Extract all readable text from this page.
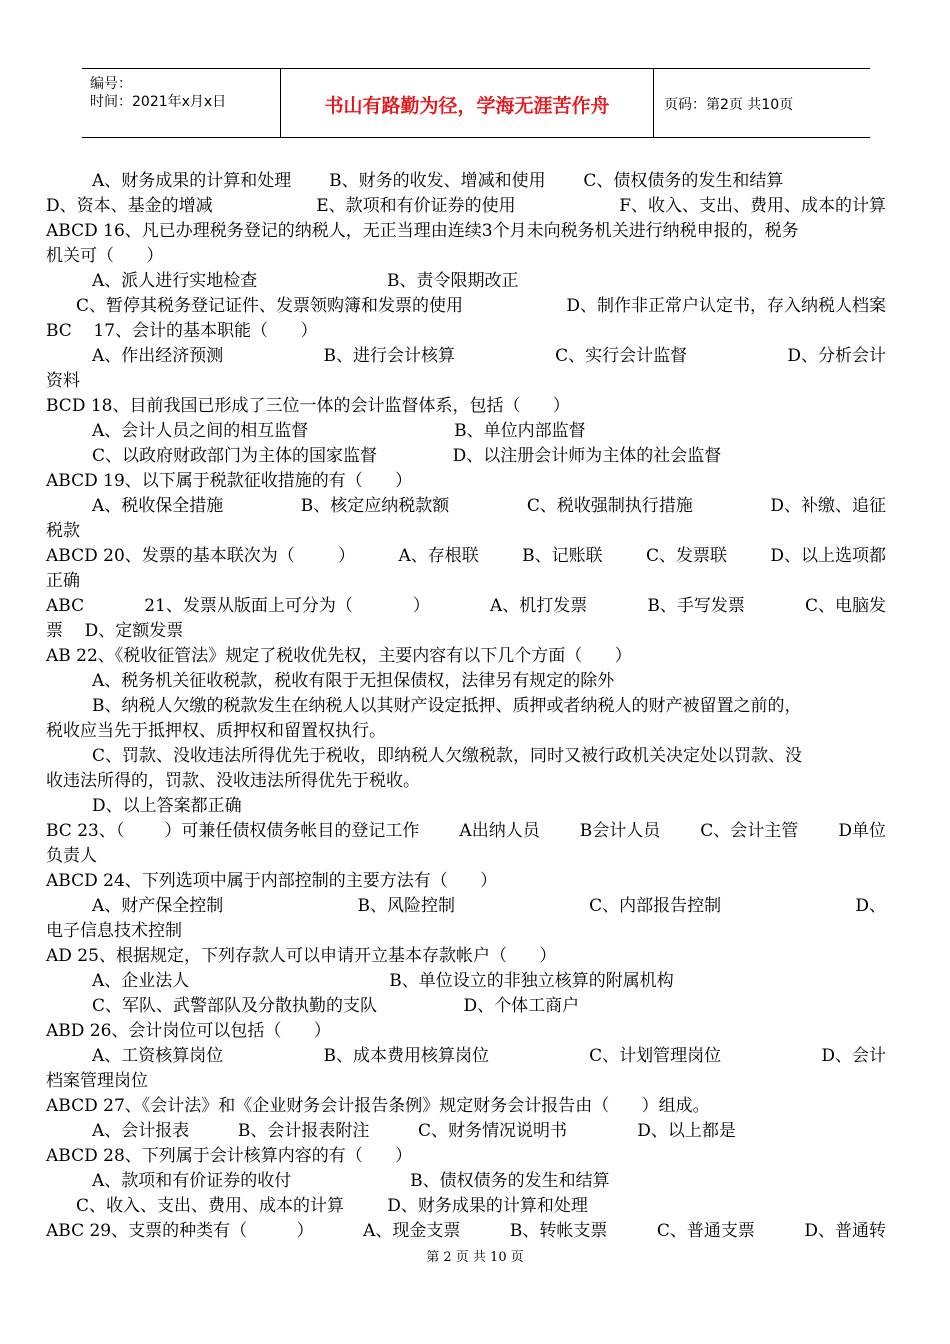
编号：
时间：2021年x月x日	书山有路勤为径，学海无涯苦作舟	页码：第2页 共10页
A、财务成果的计算和处理       B、财务的收发、增减和使用       C、债权债务的发生和结算
D、资本、基金的增减	E、款项和有价证券的使用	F、收入、支出、费用、成本的计算
ABCD 16、凡已办理税务登记的纳税人，无正当理由连续3个月未向税务机关进行纳税申报的，税务
机关可（      ）
A、派人进行实地检查                        B、责令限期改正
C、暂停其税务登记证件、发票领购簿和发票的使用	D、制作非正常户认定书，存入纳税人档案
BC    17、会计的基本职能（      ）
A、作出经济预测	B、进行会计核算	C、实行会计监督	D、分析会计
资料
BCD 18、目前我国已形成了三位一体的会计监督体系，包括（      ）
A、会计人员之间的相互监督                           B、单位内部监督
C、以政府财政部门为主体的国家监督              D、以注册会计师为主体的社会监督
ABCD 19、以下属于税款征收措施的有（      ）
A、税收保全措施	B、核定应纳税款额	C、税收强制执行措施	D、补缴、追征
税款
ABCD 20、发票的基本联次为（	）	A、存根联	B、记账联	C、发票联	D、以上选项都
正确
ABC	21、发票从版面上可分为（	）	A、机打发票	B、手写发票	C、电脑发
票    D、定额发票
AB 22、《税收征管法》规定了税收优先权，主要内容有以下几个方面（      ）
A、税务机关征收税款，税收有限于无担保债权，法律另有规定的除外
B、纳税人欠缴的税款发生在纳税人以其财产设定抵押、质押或者纳税人的财产被留置之前的，
税收应当先于抵押权、质押权和留置权执行。
C、罚款、没收违法所得优先于税收，即纳税人欠缴税款，同时又被行政机关决定处以罚款、没
收违法所得的，罚款、没收违法所得优先于税收。
D、以上答案都正确
BC 23、（ ）可兼任债权债务帐目的登记工作 A出纳人员 B会计人员 C、会计主管 D单位
负责人
ABCD 24、下列选项中属于内部控制的主要方法有（      ）
A、财产保全控制	B、风险控制	C、内部报告控制	D、
电子信息技术控制
AD 25、根据规定，下列存款人可以申请开立基本存款帐户（      ）
A、企业法人                                     B、单位设立的非独立核算的附属机构
C、军队、武警部队及分散执勤的支队                D、个体工商户
ABD 26、会计岗位可以包括（      ）
A、工资核算岗位	B、成本费用核算岗位	C、计划管理岗位	D、会计
档案管理岗位
ABCD 27、《会计法》和《企业财务会计报告条例》规定财务会计报告由（      ）组成。
A、会计报表         B、会计报表附注         C、财务情况说明书             D、以上都是
ABCD 28、下列属于会计核算内容的有（      ）
A、款项和有价证券的收付                      B、债权债务的发生和结算
C、收入、支出、费用、成本的计算        D、财务成果的计算和处理
ABC 29、支票的种类有（	）	A、现金支票	B、转帐支票	C、普通支票	D、普通转
第 2 页 共 10 页
